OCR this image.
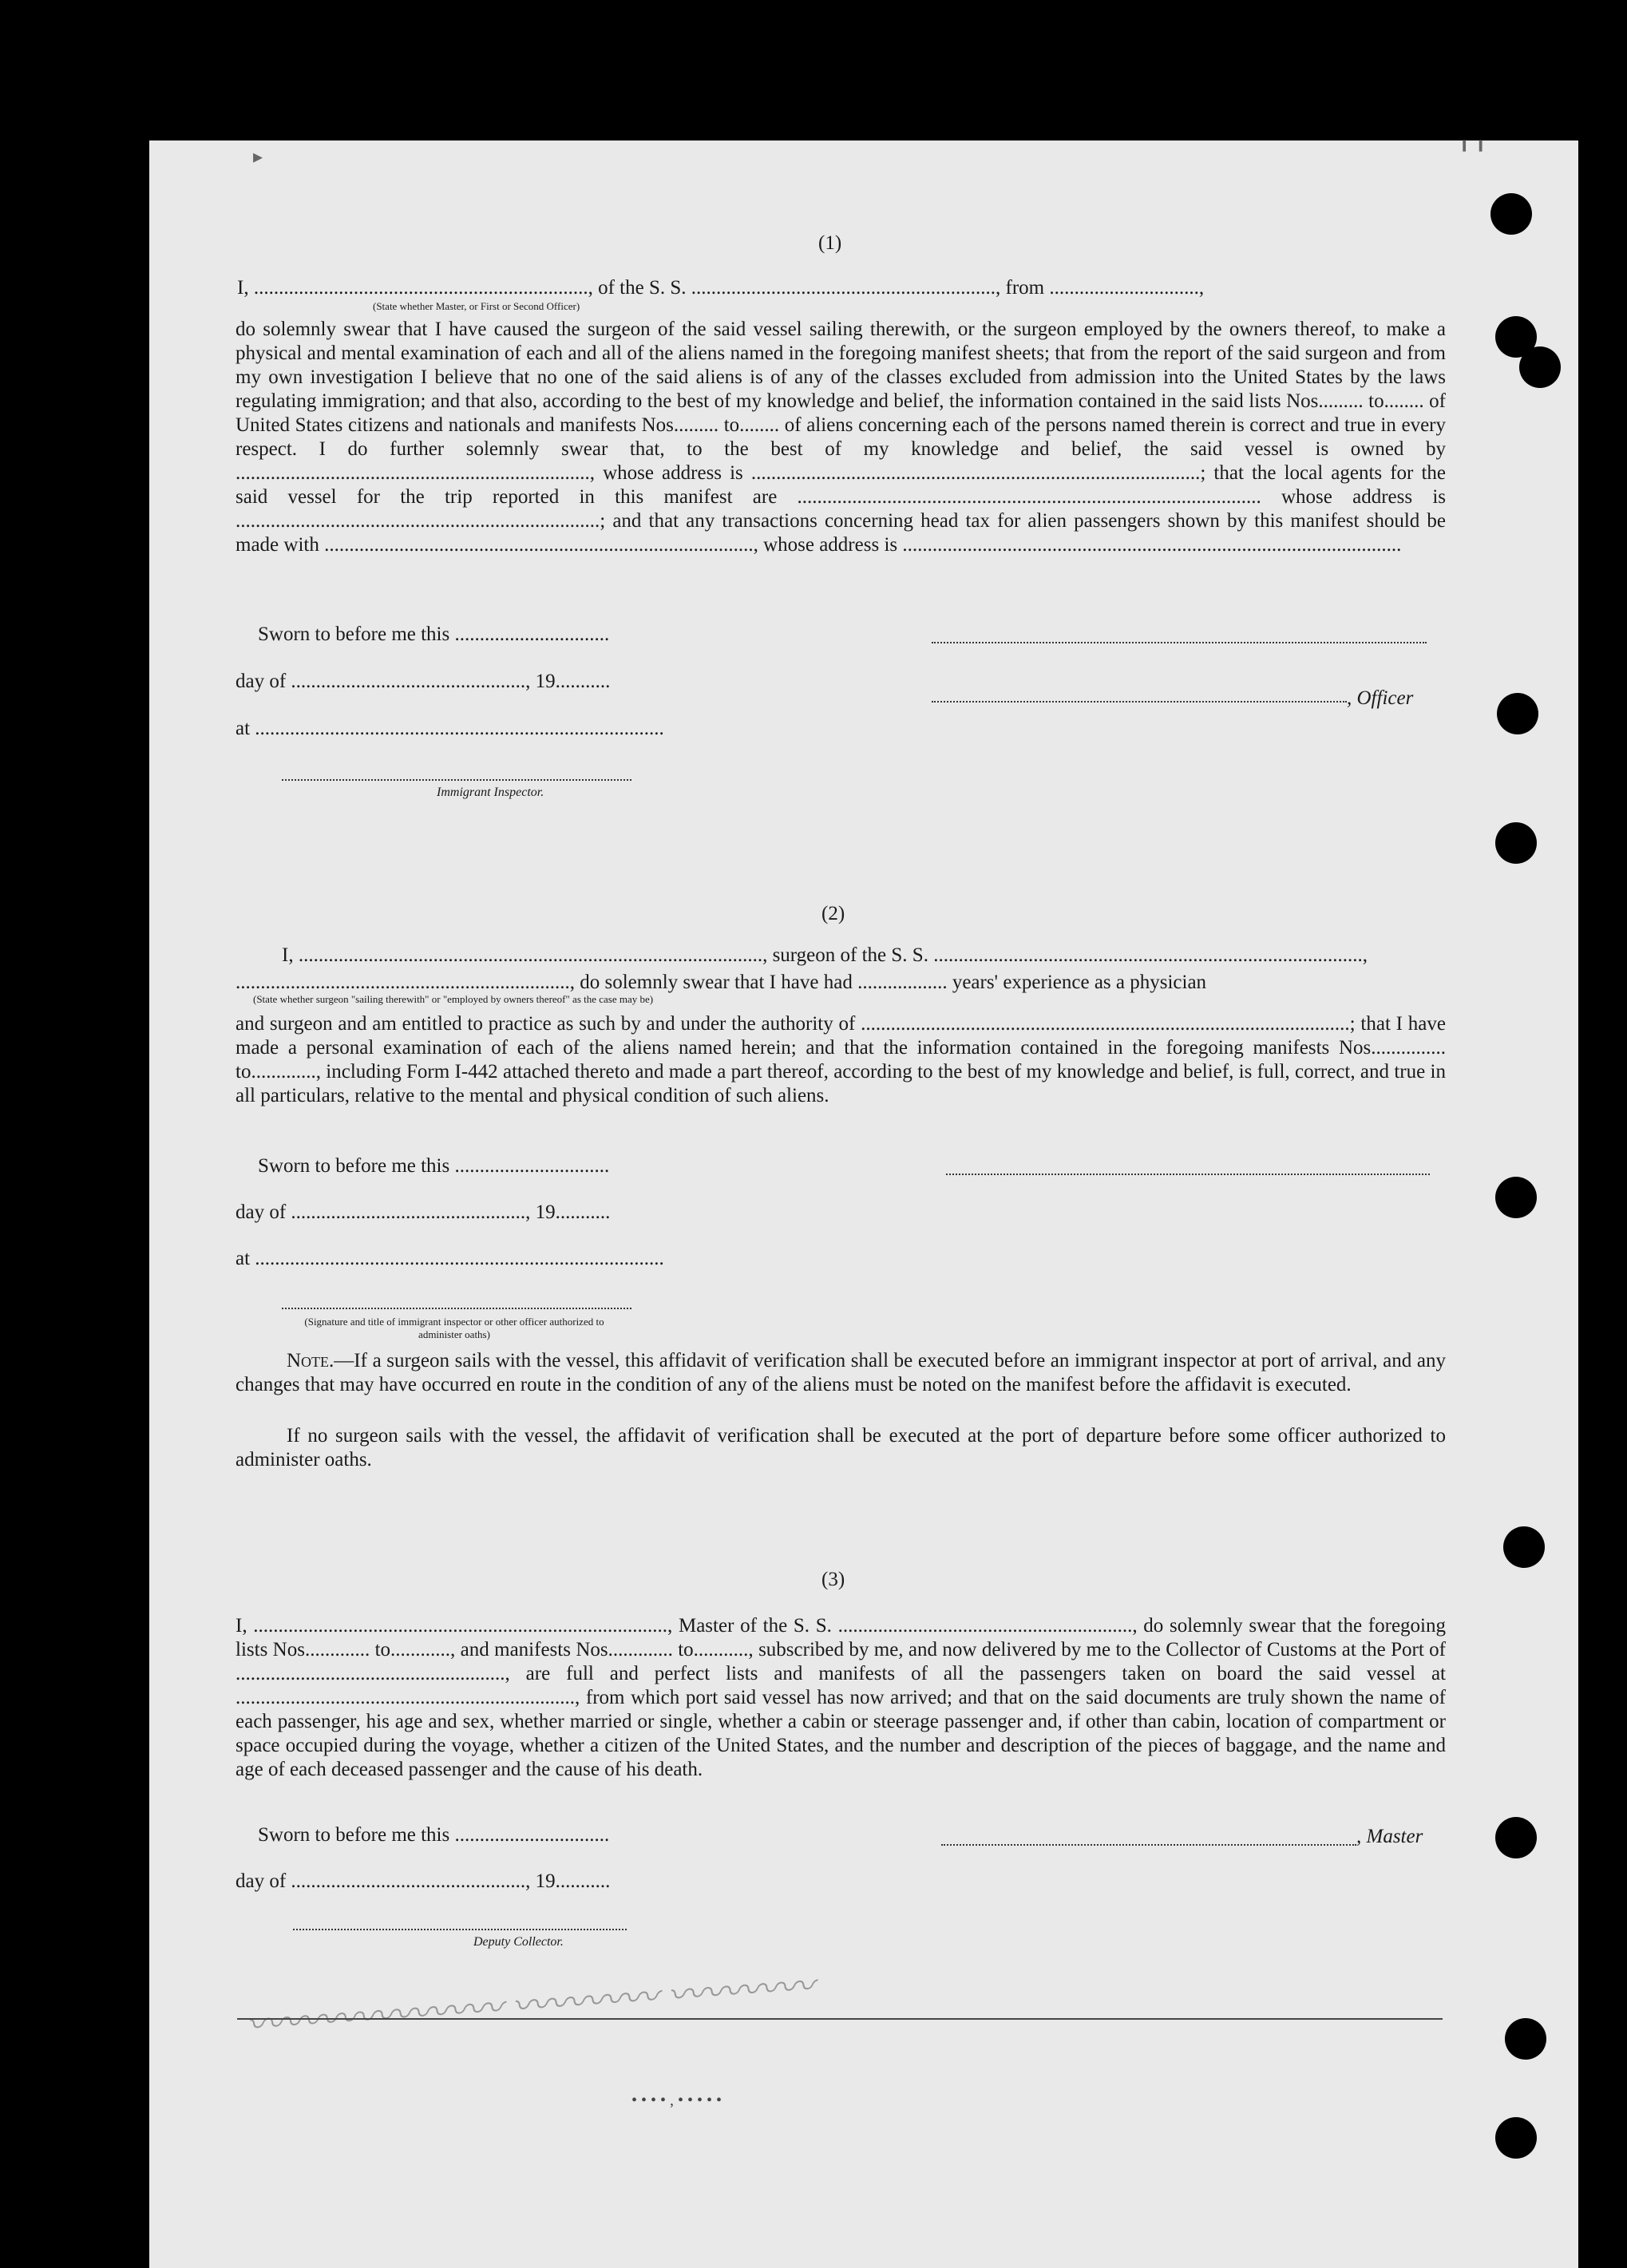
(1)
I, ..................................................................., of the S. S. ............................................................., from ..............................,
(State whether Master, or First or Second Officer)
do solemnly swear that I have caused the surgeon of the said vessel sailing therewith, or the surgeon employed by the owners thereof, to make a physical and mental examination of each and all of the aliens named in the foregoing manifest sheets; that from the report of the said surgeon and from my own investigation I believe that no one of the said aliens is of any of the classes excluded from admission into the United States by the laws regulating immigration; and that also, according to the best of my knowledge and belief, the information contained in the said lists Nos......... to........ of United States citizens and nationals and manifests Nos......... to........ of aliens concerning each of the persons named therein is correct and true in every respect. I do further solemnly swear that, to the best of my knowledge and belief, the said vessel is owned by ......................................................................., whose address is ..........................................................................................; that the local agents for the said vessel for the trip reported in this manifest are ............................................................................................. whose address is .........................................................................; and that any transactions concerning head tax for alien passengers shown by this manifest should be made with ......................................................................................, whose address is ....................................................................................................
Sworn to before me this ...............................
day of ..............................................., 19...........
, Officer
at ..................................................................................
Immigrant Inspector.
(2)
I, ............................................................................................., surgeon of the S. S. ......................................................................................,
..................................................................., do solemnly swear that I have had .................. years' experience as a physician
(State whether surgeon "sailing therewith" or "employed by owners thereof" as the case may be)
and surgeon and am entitled to practice as such by and under the authority of ..................................................................................................; that I have made a personal examination of each of the aliens named herein; and that the information contained in the foregoing manifests Nos............... to............., including Form I-442 attached thereto and made a part thereof, according to the best of my knowledge and belief, is full, correct, and true in all particulars, relative to the mental and physical condition of such aliens.
Sworn to before me this ...............................
day of ..............................................., 19...........
at ..................................................................................
(Signature and title of immigrant inspector or other officer authorized to administer oaths)
Note.—If a surgeon sails with the vessel, this affidavit of verification shall be executed before an immigrant inspector at port of arrival, and any changes that may have occurred en route in the condition of any of the aliens must be noted on the manifest before the affidavit is executed.
If no surgeon sails with the vessel, the affidavit of verification shall be executed at the port of departure before some officer authorized to administer oaths.
(3)
I, ..................................................................................., Master of the S. S. ..........................................................., do solemnly swear that the foregoing lists Nos............. to............, and manifests Nos............. to..........., subscribed by me, and now delivered by me to the Collector of Customs at the Port of ......................................................, are full and perfect lists and manifests of all the passengers taken on board the said vessel at ...................................................................., from which port said vessel has now arrived; and that on the said documents are truly shown the name of each passenger, his age and sex, whether married or single, whether a cabin or steerage passenger and, if other than cabin, location of compartment or space occupied during the voyage, whether a citizen of the United States, and the number and description of the pieces of baggage, and the name and age of each deceased passenger and the cause of his death.
Sworn to before me this ...............................	, Master
day of ..............................................., 19...........
Deputy Collector.
〰〰〰〰〰〰〰 〰〰〰〰 〰〰〰〰
• • • • , • • • • •
▸	╹ ╹
